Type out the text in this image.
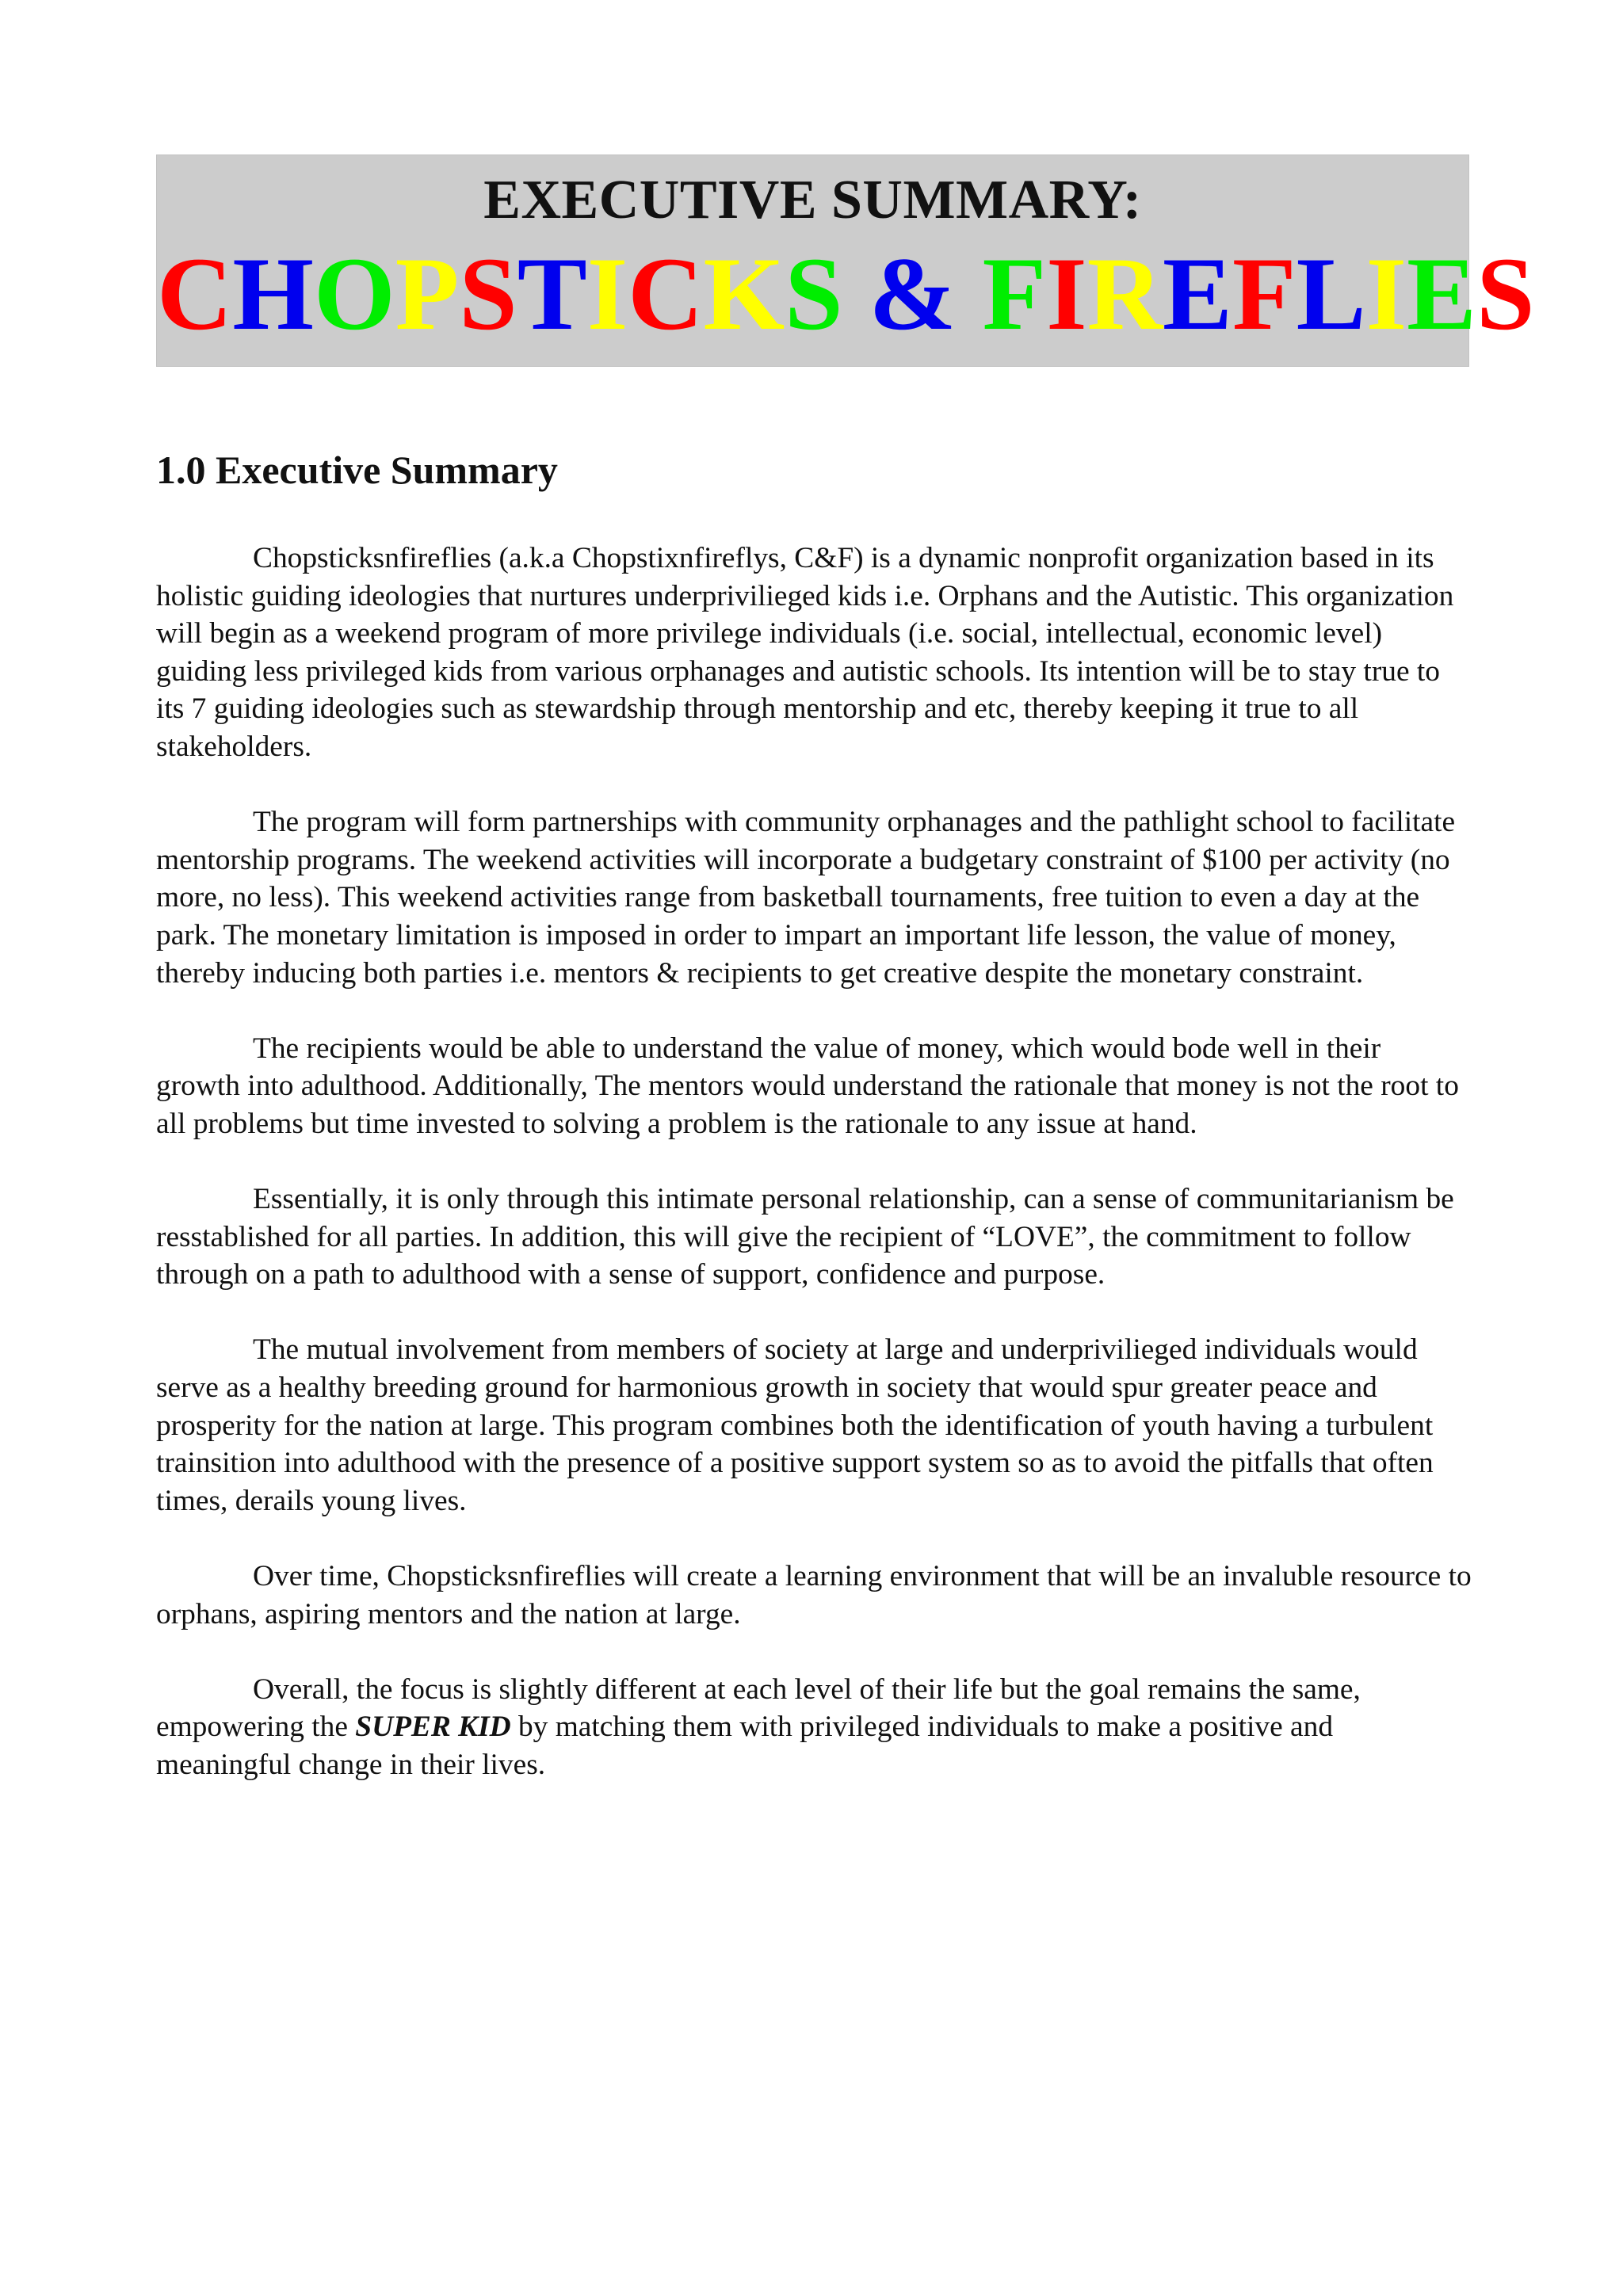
EXECUTIVE SUMMARY:
CHOPSTICKS & FIREFLIES
1.0 Executive Summary

Chopsticksnfireflies (a.k.a Chopstixnfireflys, C&F) is a dynamic nonprofit organization based in its holistic guiding ideologies that nurtures underprivilieged kids i.e. Orphans and the Autistic. This organization will begin as a weekend program of more privilege individuals (i.e. social, intellectual, economic level) guiding less privileged kids from various orphanages and autistic schools. Its intention will be to stay true to its 7 guiding ideologies such as stewardship through mentorship and etc, thereby keeping it true to all stakeholders.

The program will form partnerships with community orphanages and the pathlight school to facilitate mentorship programs. The weekend activities will incorporate a budgetary constraint of $100 per activity (no more, no less). This weekend activities range from basketball tournaments, free tuition to even a day at the park. The monetary limitation is imposed in order to impart an important life lesson, the value of money, thereby inducing both parties i.e. mentors & recipients to get creative despite the monetary constraint.

The recipients would be able to understand the value of money, which would bode well in their growth into adulthood. Additionally, The mentors would understand the rationale that money is not the root to all problems but time invested to solving a problem is the rationale to any issue at hand.

Essentially, it is only through this intimate personal relationship, can a sense of communitarianism be resstablished for all parties. In addition, this will give the recipient of “LOVE”, the commitment to follow through on a path to adulthood with a sense of support, confidence and purpose.

The mutual involvement from members of society at large and underprivilieged individuals would serve as a healthy breeding ground for harmonious growth in society that would spur greater peace and prosperity for the nation at large. This program combines both the identification of youth having a turbulent trainsition into adulthood with the presence of a positive support system so as to avoid the pitfalls that often times, derails young lives.

Over time, Chopsticksnfireflies will create a learning environment that will be an invaluble resource to orphans, aspiring mentors and the nation at large.

Overall, the focus is slightly different at each level of their life but the goal remains the same, empowering the SUPER KID by matching them with privileged individuals to make a positive and meaningful change in their lives.
